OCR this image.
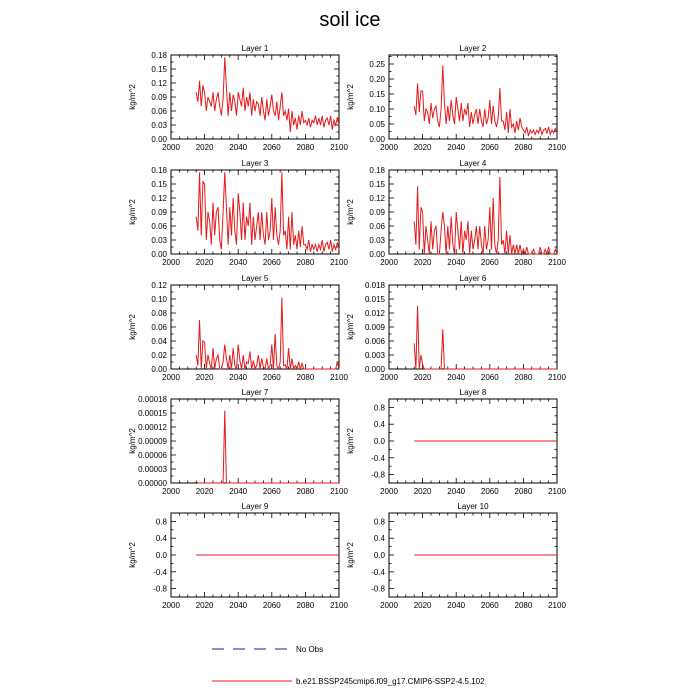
soil ice
Layer 1
kg/m^2
2000 2020 2040 2060 2080 2100
0.00
0.03
0.06
0.09
0.12
0.15
0.18
Layer 2
kg/m^2
2000 2020 2040 2060 2080 2100
0.00
0.05
0.10
0.15
0.20
0.25
Layer 3
kg/m^2
2000 2020 2040 2060 2080 2100
0.00
0.03
0.06
0.09
0.12
0.15
0.18
Layer 4
kg/m^2
2000 2020 2040 2060 2080 2100
0.00
0.03
0.06
0.09
0.12
0.15
0.18
Layer 5
kg/m^2
2000 2020 2040 2060 2080 2100
0.00
0.02
0.04
0.06
0.08
0.10
0.12
Layer 6
kg/m^2
2000 2020 2040 2060 2080 2100
0.000
0.003
0.006
0.009
0.012
0.015
0.018
Layer 7
kg/m^2
2000 2020 2040 2060 2080 2100
0.00000
0.00003
0.00006
0.00009
0.00012
0.00015
0.00018
Layer 8
kg/m^2
2000 2020 2040 2060 2080 2100
-0.8
-0.4
0.0
0.4
0.8
Layer 9
kg/m^2
2000 2020 2040 2060 2080 2100
-0.8
-0.4
0.0
0.4
0.8
Layer 10
kg/m^2
2000 2020 2040 2060 2080 2100
-0.8
-0.4
0.0
0.4
0.8
No Obs
b.e21.BSSP245cmip6.f09_g17.CMIP6-SSP2-4.5.102
